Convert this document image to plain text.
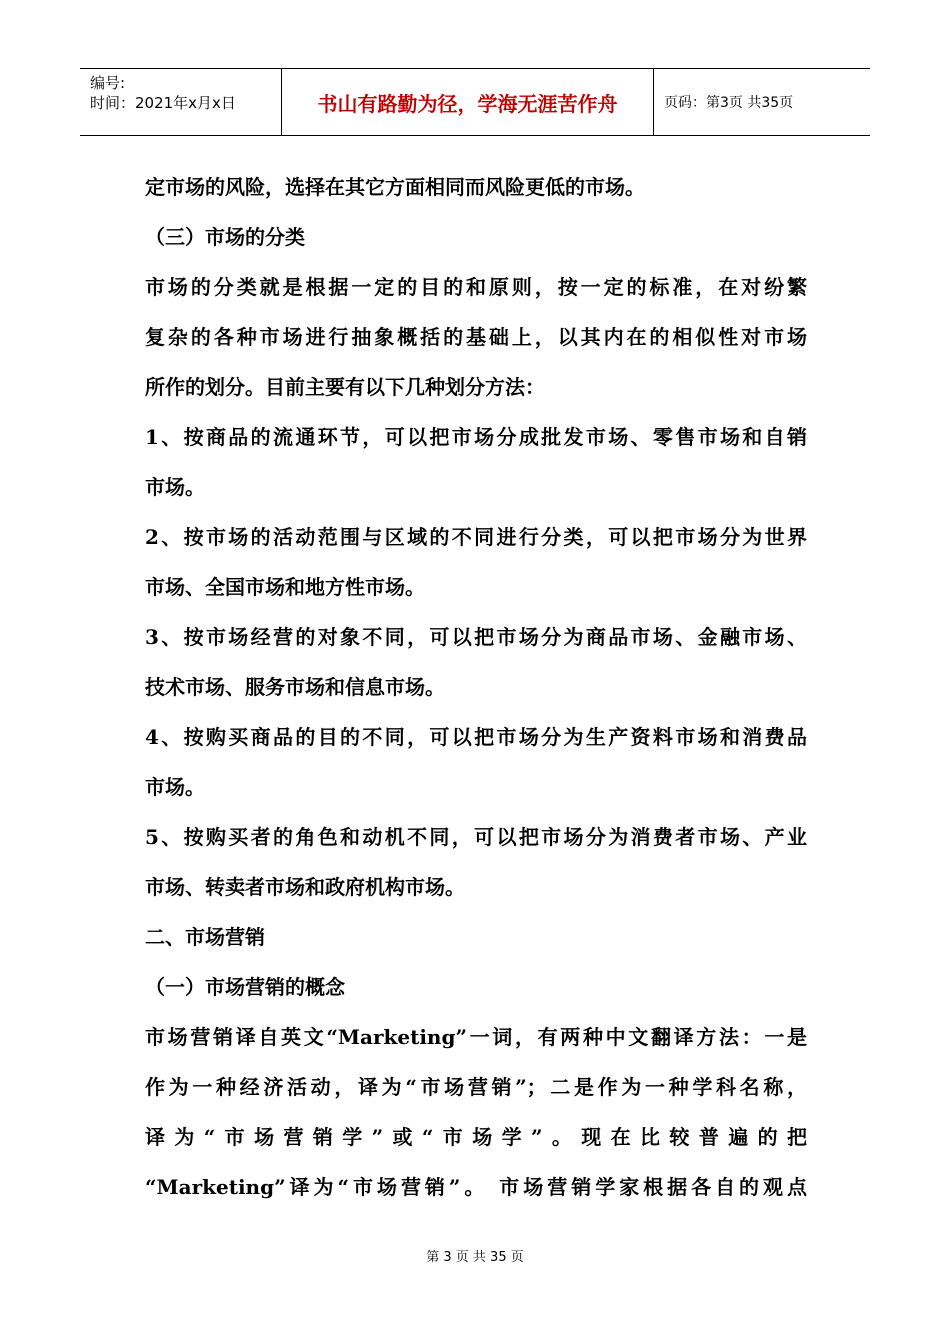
编号:
时间：2021年x月x日	书山有路勤为径，学海无涯苦作舟	页码：第3页 共35页

定市场的风险，选择在其它方面相同而风险更低的市场。

（三）市场的分类

市场的分类就是根据一定的目的和原则，按一定的标准，在对纷繁

复杂的各种市场进行抽象概括的基础上，以其内在的相似性对市场

所作的划分。目前主要有以下几种划分方法：

1、按商品的流通环节，可以把市场分成批发市场、零售市场和自销

市场。

2、按市场的活动范围与区域的不同进行分类，可以把市场分为世界

市场、全国市场和地方性市场。

3、按市场经营的对象不同，可以把市场分为商品市场、金融市场、

技术市场、服务市场和信息市场。

4、按购买商品的目的不同，可以把市场分为生产资料市场和消费品

市场。

5、按购买者的角色和动机不同，可以把市场分为消费者市场、产业

市场、转卖者市场和政府机构市场。

二、市场营销

（一）市场营销的概念

市场营销译自英文“Marketing”一词，有两种中文翻译方法：一是

作为一种经济活动，译为“市场营销”；二是作为一种学科名称，

译为“市场营销学”或“市场学”。现在比较普遍的把

“Marketing”译为“市场营销”。 市场营销学家根据各自的观点

第 3 页 共 35 页
